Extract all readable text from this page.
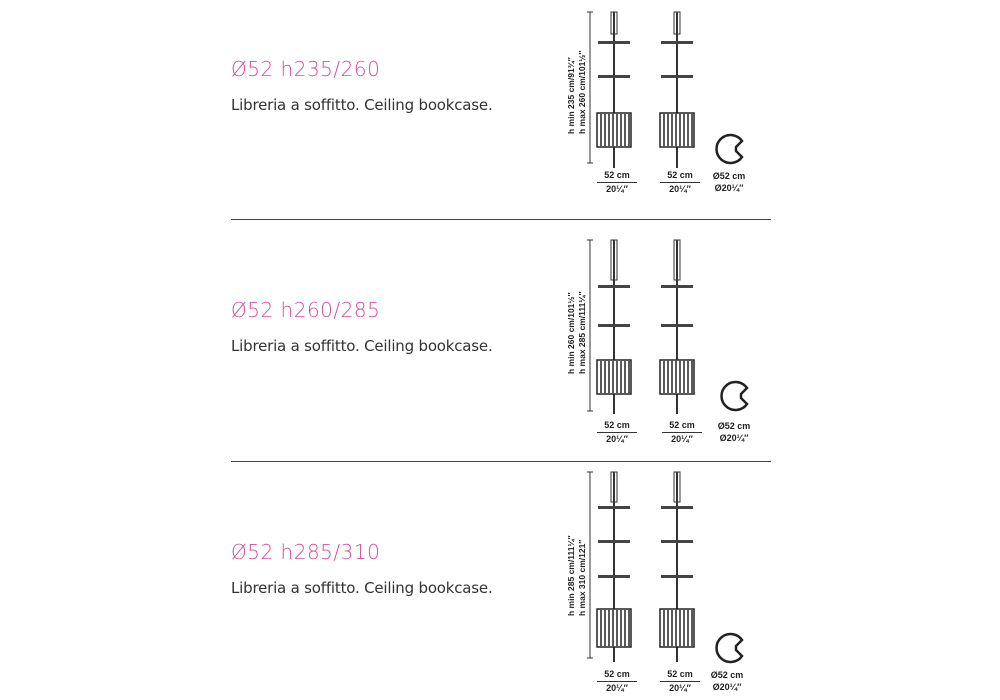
Ø52 h235/260
Libreria a soffitto. Ceiling bookcase.	h min 235 cm/91¾″ h max 260 cm/101½″
52 cm
20¼″
52 cm
20¼″
Ø52 cm
Ø20¼″
Ø52 h260/285
Libreria a soffitto. Ceiling bookcase.	h min 260 cm/101½″ h max 285 cm/111¼″
52 cm
20¼″
52 cm
20¼″
Ø52 cm
Ø20¼″
Ø52 h285/310
Libreria a soffitto. Ceiling bookcase.	h min 285 cm/111¼″ h max 310 cm/121″
52 cm
20¼″
52 cm
20¼″
Ø52 cm
Ø20¼″
